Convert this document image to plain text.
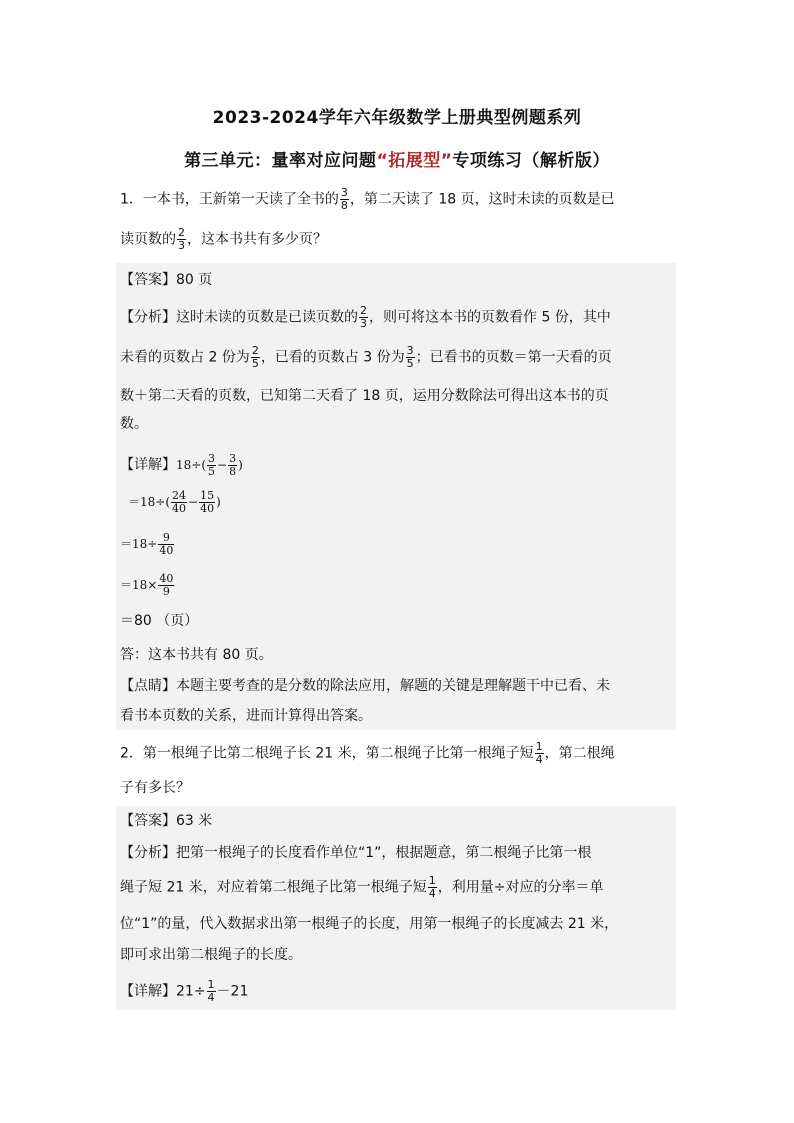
2023-2024学年六年级数学上册典型例题系列
第三单元：量率对应问题“拓展型”专项练习（解析版）
1．一本书，王新第一天读了全书的 $\frac{3}{8}$ ，第二天读了 18 页，这时未读的页数是已
读页数的 $\frac{2}{3}$ ，这本书共有多少页？
【答案】80 页
【分析】这时未读的页数是已读页数的 $\frac{2}{3}$ ，则可将这本书的页数看作 5 份，其中
未看的页数占 2 份为 $\frac{2}{5}$ ，已看的页数占 3 份为 $\frac{3}{5}$ ；已看书的页数＝第一天看的页
数＋第二天看的页数，已知第二天看了 18 页，运用分数除法可得出这本书的页
数。
【详解】$18\div( \frac{3}{5} - \frac{3}{8}$ )
$=18\div( \frac{24}{40} - \frac{15}{40}$ )
$=18\div \frac{9}{40}$
$=18\times \frac{40}{9}$
＝80 （页）
答：这本书共有 80 页。
【点睛】本题主要考查的是分数的除法应用，解题的关键是理解题干中已看、未
看书本页数的关系，进而计算得出答案。
2．第一根绳子比第二根绳子长 21 米，第二根绳子比第一根绳子短 $\frac{1}{4}$ ，第二根绳
子有多长？
【答案】63 米
【分析】把第一根绳子的长度看作单位“1”，根据题意，第二根绳子比第一根
绳子短 21 米，对应着第二根绳子比第一根绳子短 $\frac{1}{4}$ ，利用量÷对应的分率＝单
位“1”的量，代入数据求出第一根绳子的长度，用第一根绳子的长度减去 21 米，
即可求出第二根绳子的长度。
【详解】$21\div \frac{1}{4} -21$
